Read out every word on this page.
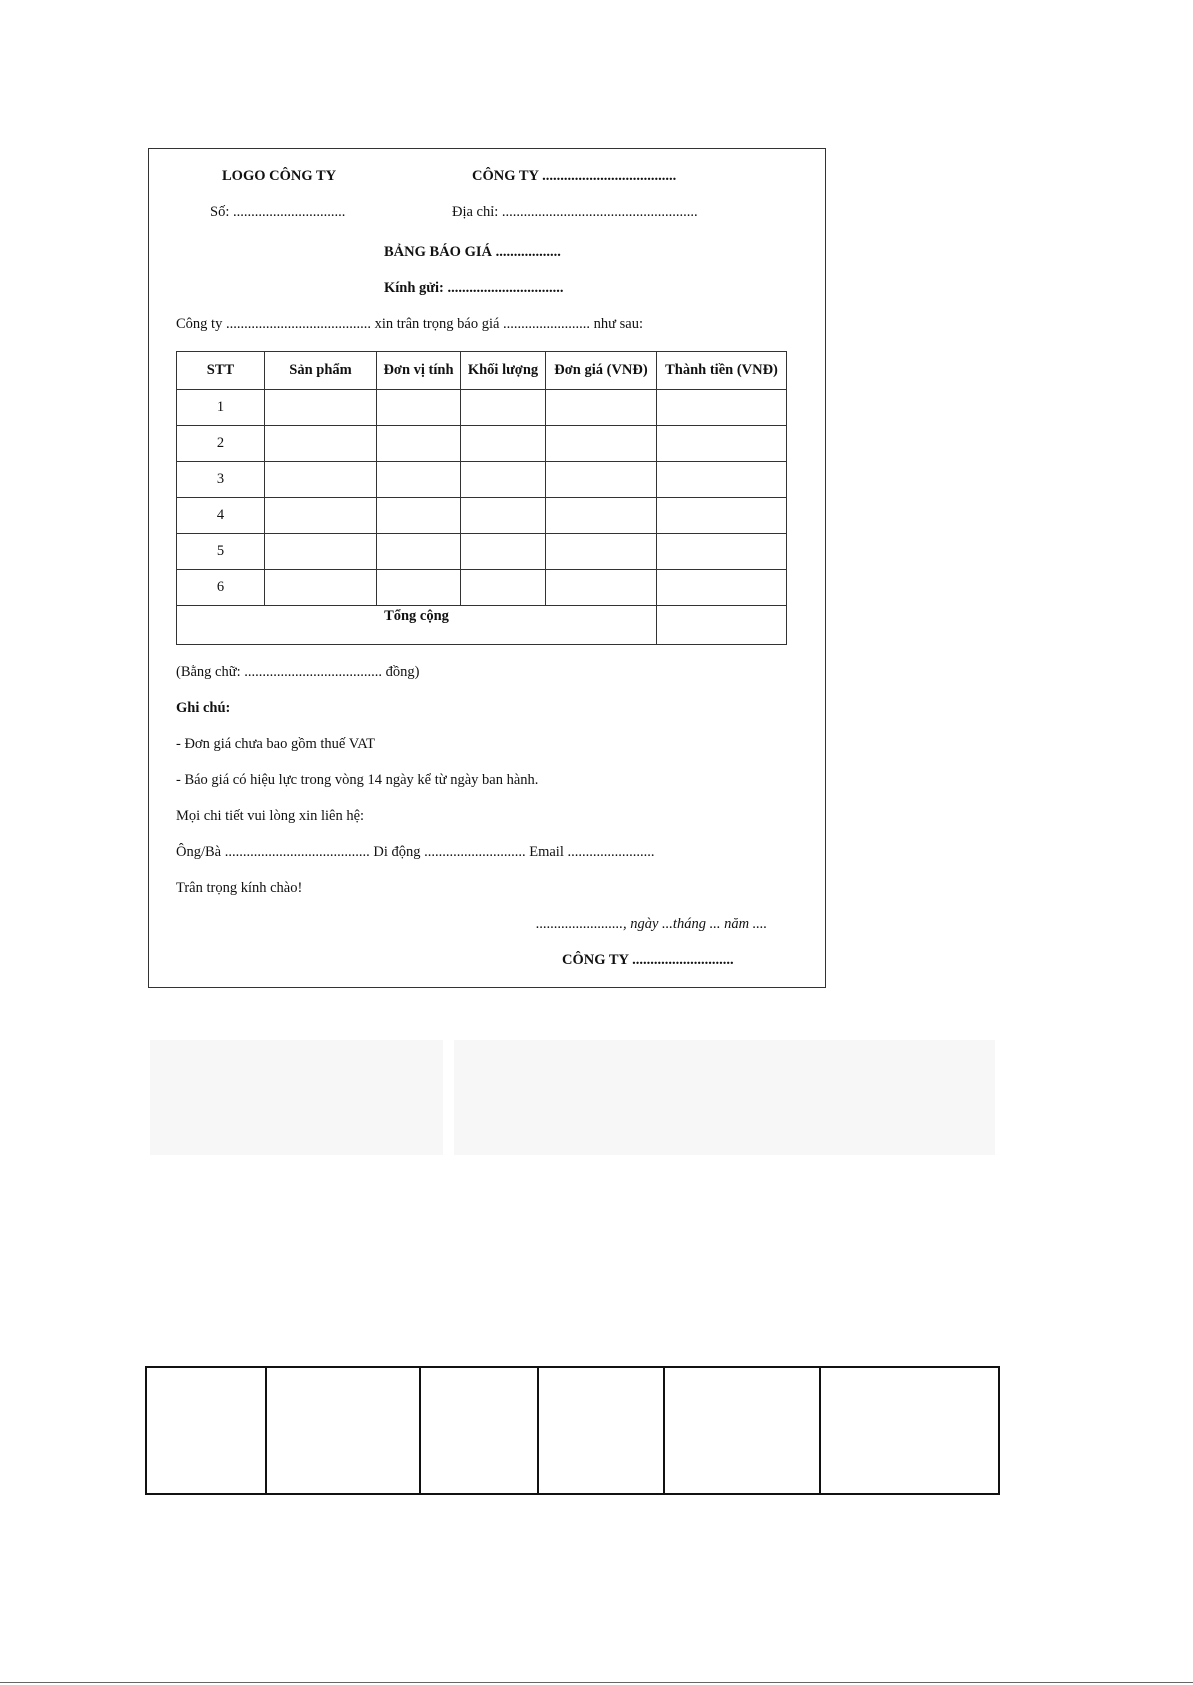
LOGO CÔNG TY	CÔNG TY .....................................
Số: ...............................	Địa chỉ: ......................................................
BẢNG BÁO GIÁ ..................
Kính gửi: ................................
Công ty ........................................ xin trân trọng báo giá ........................ như sau:
STT	Sản phẩm	Đơn vị tính	Khối lượng	Đơn giá (VNĐ)	Thành tiền (VNĐ)
1					
2					
3					
4					
5					
6					
Tổng cộng					
(Bằng chữ: ...................................... đồng)
Ghi chú:
- Đơn giá chưa bao gồm thuế VAT
- Báo giá có hiệu lực trong vòng 14 ngày kể từ ngày ban hành.
Mọi chi tiết vui lòng xin liên hệ:
Ông/Bà ........................................ Di động ............................ Email ........................
Trân trọng kính chào!
........................, ngày ...tháng ... năm ....
CÔNG TY ............................
